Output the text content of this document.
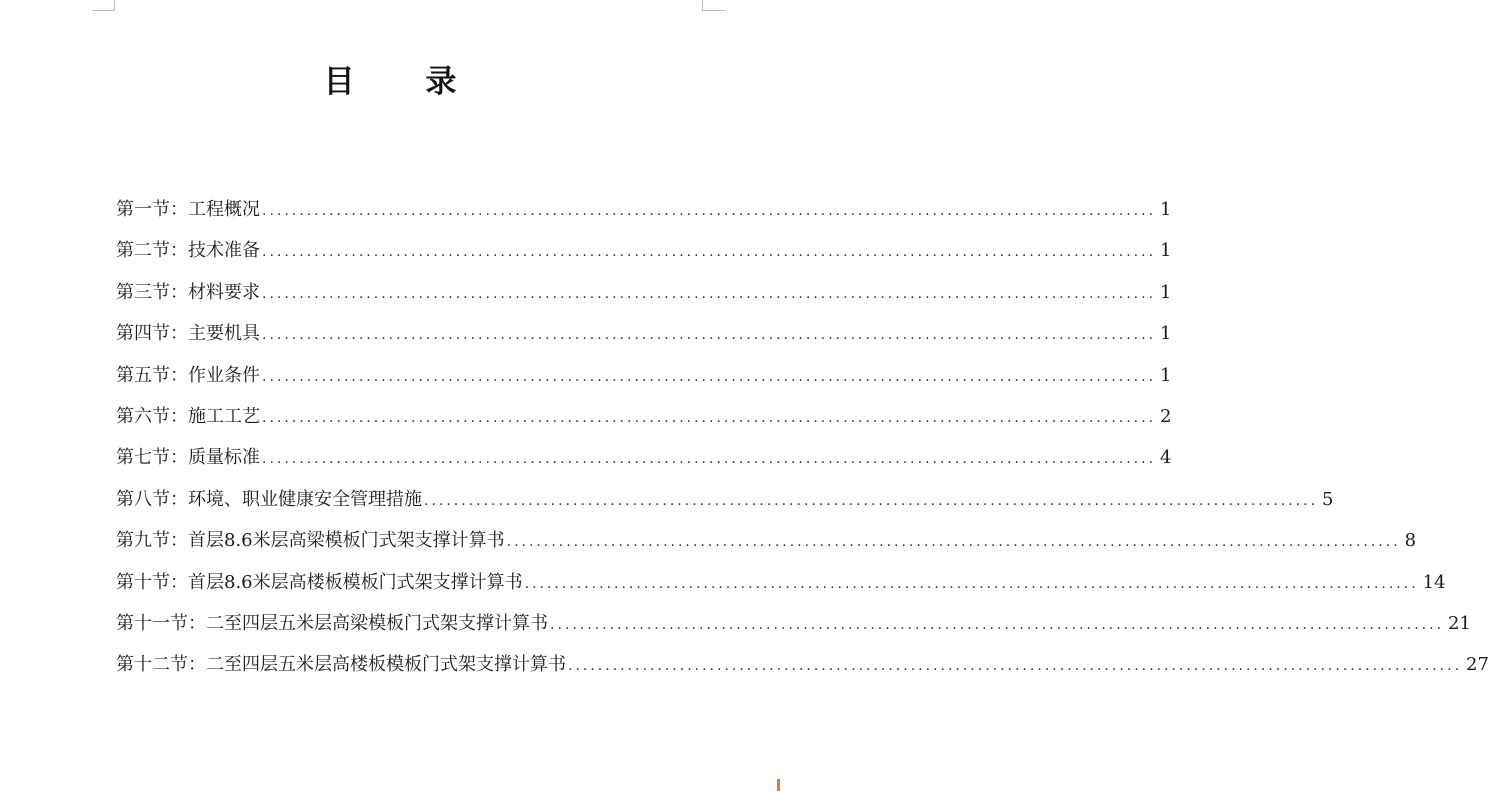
目 录
第一节：工程概况 ........................................................................................................................ 1
第二节：技术准备 ........................................................................................................................ 1
第三节：材料要求 ........................................................................................................................ 1
第四节：主要机具 ........................................................................................................................ 1
第五节：作业条件 ........................................................................................................................ 1
第六节：施工工艺 ........................................................................................................................ 2
第七节：质量标准 ........................................................................................................................ 4
第八节：环境、职业健康安全管理措施 ........................................................................................................................ 5
第九节：首层8.6米层高梁模板门式架支撑计算书 ........................................................................................................................ 8
第十节：首层8.6米层高楼板模板门式架支撑计算书 ........................................................................................................................ 14
第十一节：二至四层五米层高梁模板门式架支撑计算书 ........................................................................................................................ 21
第十二节：二至四层五米层高楼板模板门式架支撑计算书 ........................................................................................................................ 27
